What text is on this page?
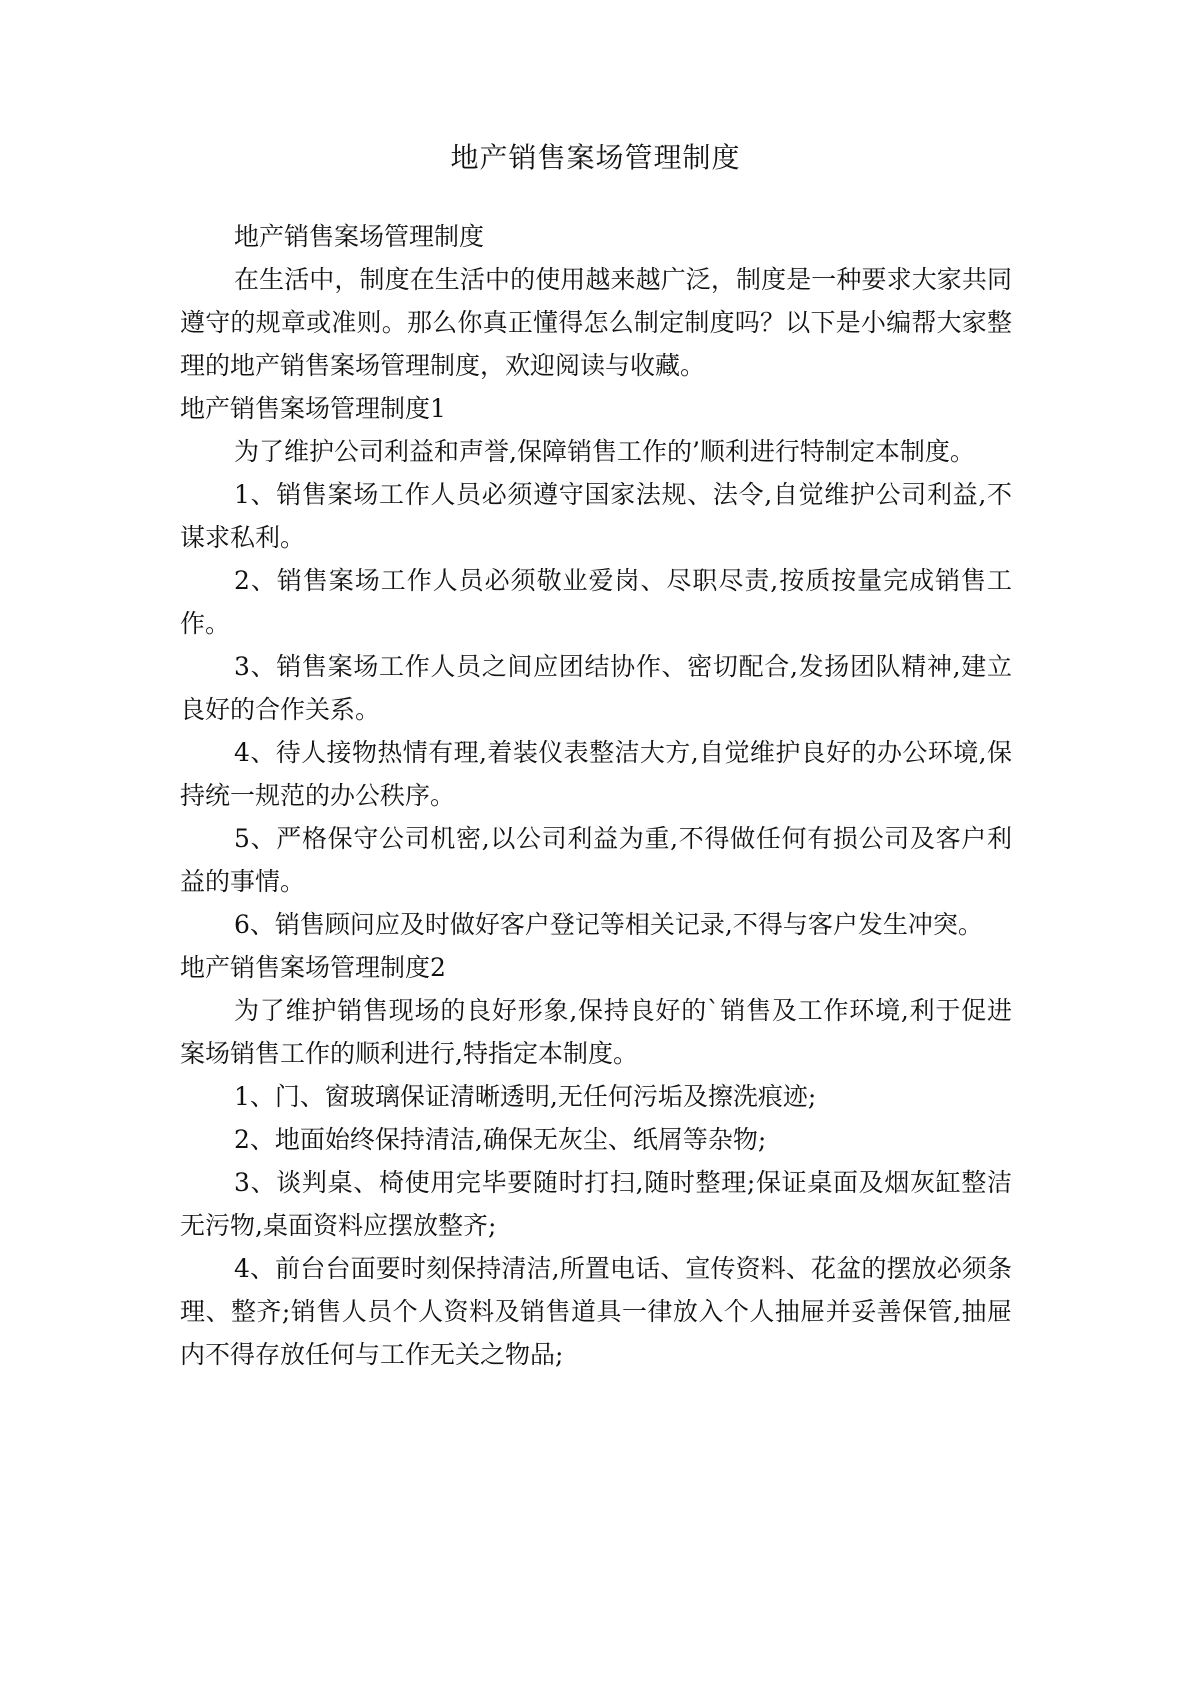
地产销售案场管理制度

地产销售案场管理制度

在生活中，制度在生活中的使用越来越广泛，制度是一种要求大家共同遵守的规章或准则。那么你真正懂得怎么制定制度吗？以下是小编帮大家整理的地产销售案场管理制度，欢迎阅读与收藏。

地产销售案场管理制度1

为了维护公司利益和声誉,保障销售工作的’顺利进行特制定本制度。

1、销售案场工作人员必须遵守国家法规、法令,自觉维护公司利益,不谋求私利。

2、销售案场工作人员必须敬业爱岗、尽职尽责,按质按量完成销售工作。

3、销售案场工作人员之间应团结协作、密切配合,发扬团队精神,建立良好的合作关系。

4、待人接物热情有理,着装仪表整洁大方,自觉维护良好的办公环境,保持统一规范的办公秩序。

5、严格保守公司机密,以公司利益为重,不得做任何有损公司及客户利益的事情。

6、销售顾问应及时做好客户登记等相关记录,不得与客户发生冲突。

地产销售案场管理制度2

为了维护销售现场的良好形象,保持良好的`销售及工作环境,利于促进案场销售工作的顺利进行,特指定本制度。

1、门、窗玻璃保证清晰透明,无任何污垢及擦洗痕迹;

2、地面始终保持清洁,确保无灰尘、纸屑等杂物;

3、谈判桌、椅使用完毕要随时打扫,随时整理;保证桌面及烟灰缸整洁无污物,桌面资料应摆放整齐;

4、前台台面要时刻保持清洁,所置电话、宣传资料、花盆的摆放必须条理、整齐;销售人员个人资料及销售道具一律放入个人抽屉并妥善保管,抽屉内不得存放任何与工作无关之物品;
